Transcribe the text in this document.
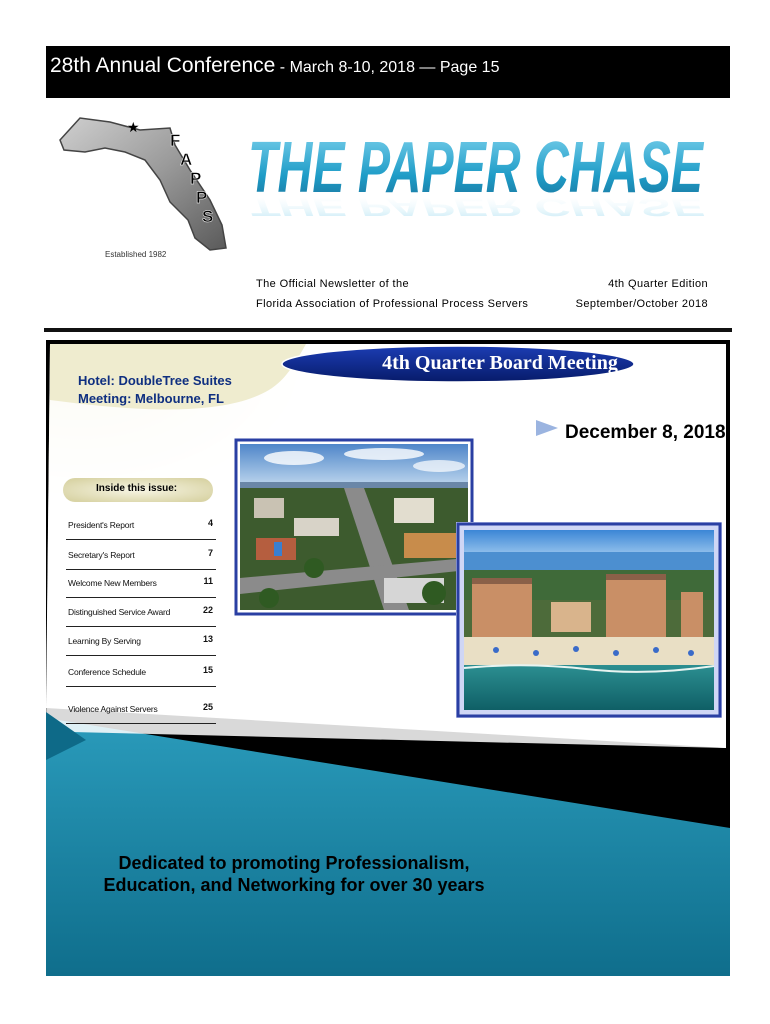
28th Annual Conference - March 8-10, 2018 — Page 15
★
F
A
P
P
S
Established 1982
THE PAPER CHASE
THE PAPER CHASE
The Official Newsletter of the
Florida Association of Professional Process Servers
4th Quarter Edition
September/October 2018
Hotel: DoubleTree Suites
Meeting: Melbourne, FL
4th Quarter Board Meeting
December 8, 2018
Inside this issue:
President's Report	4
Secretary's Report	7
Welcome New Members	11
Distinguished Service Award	22
Learning By Serving	13
Conference Schedule	15
Violence Against Servers	25
Dedicated to promoting Professionalism,
Education, and Networking for over 30 years
